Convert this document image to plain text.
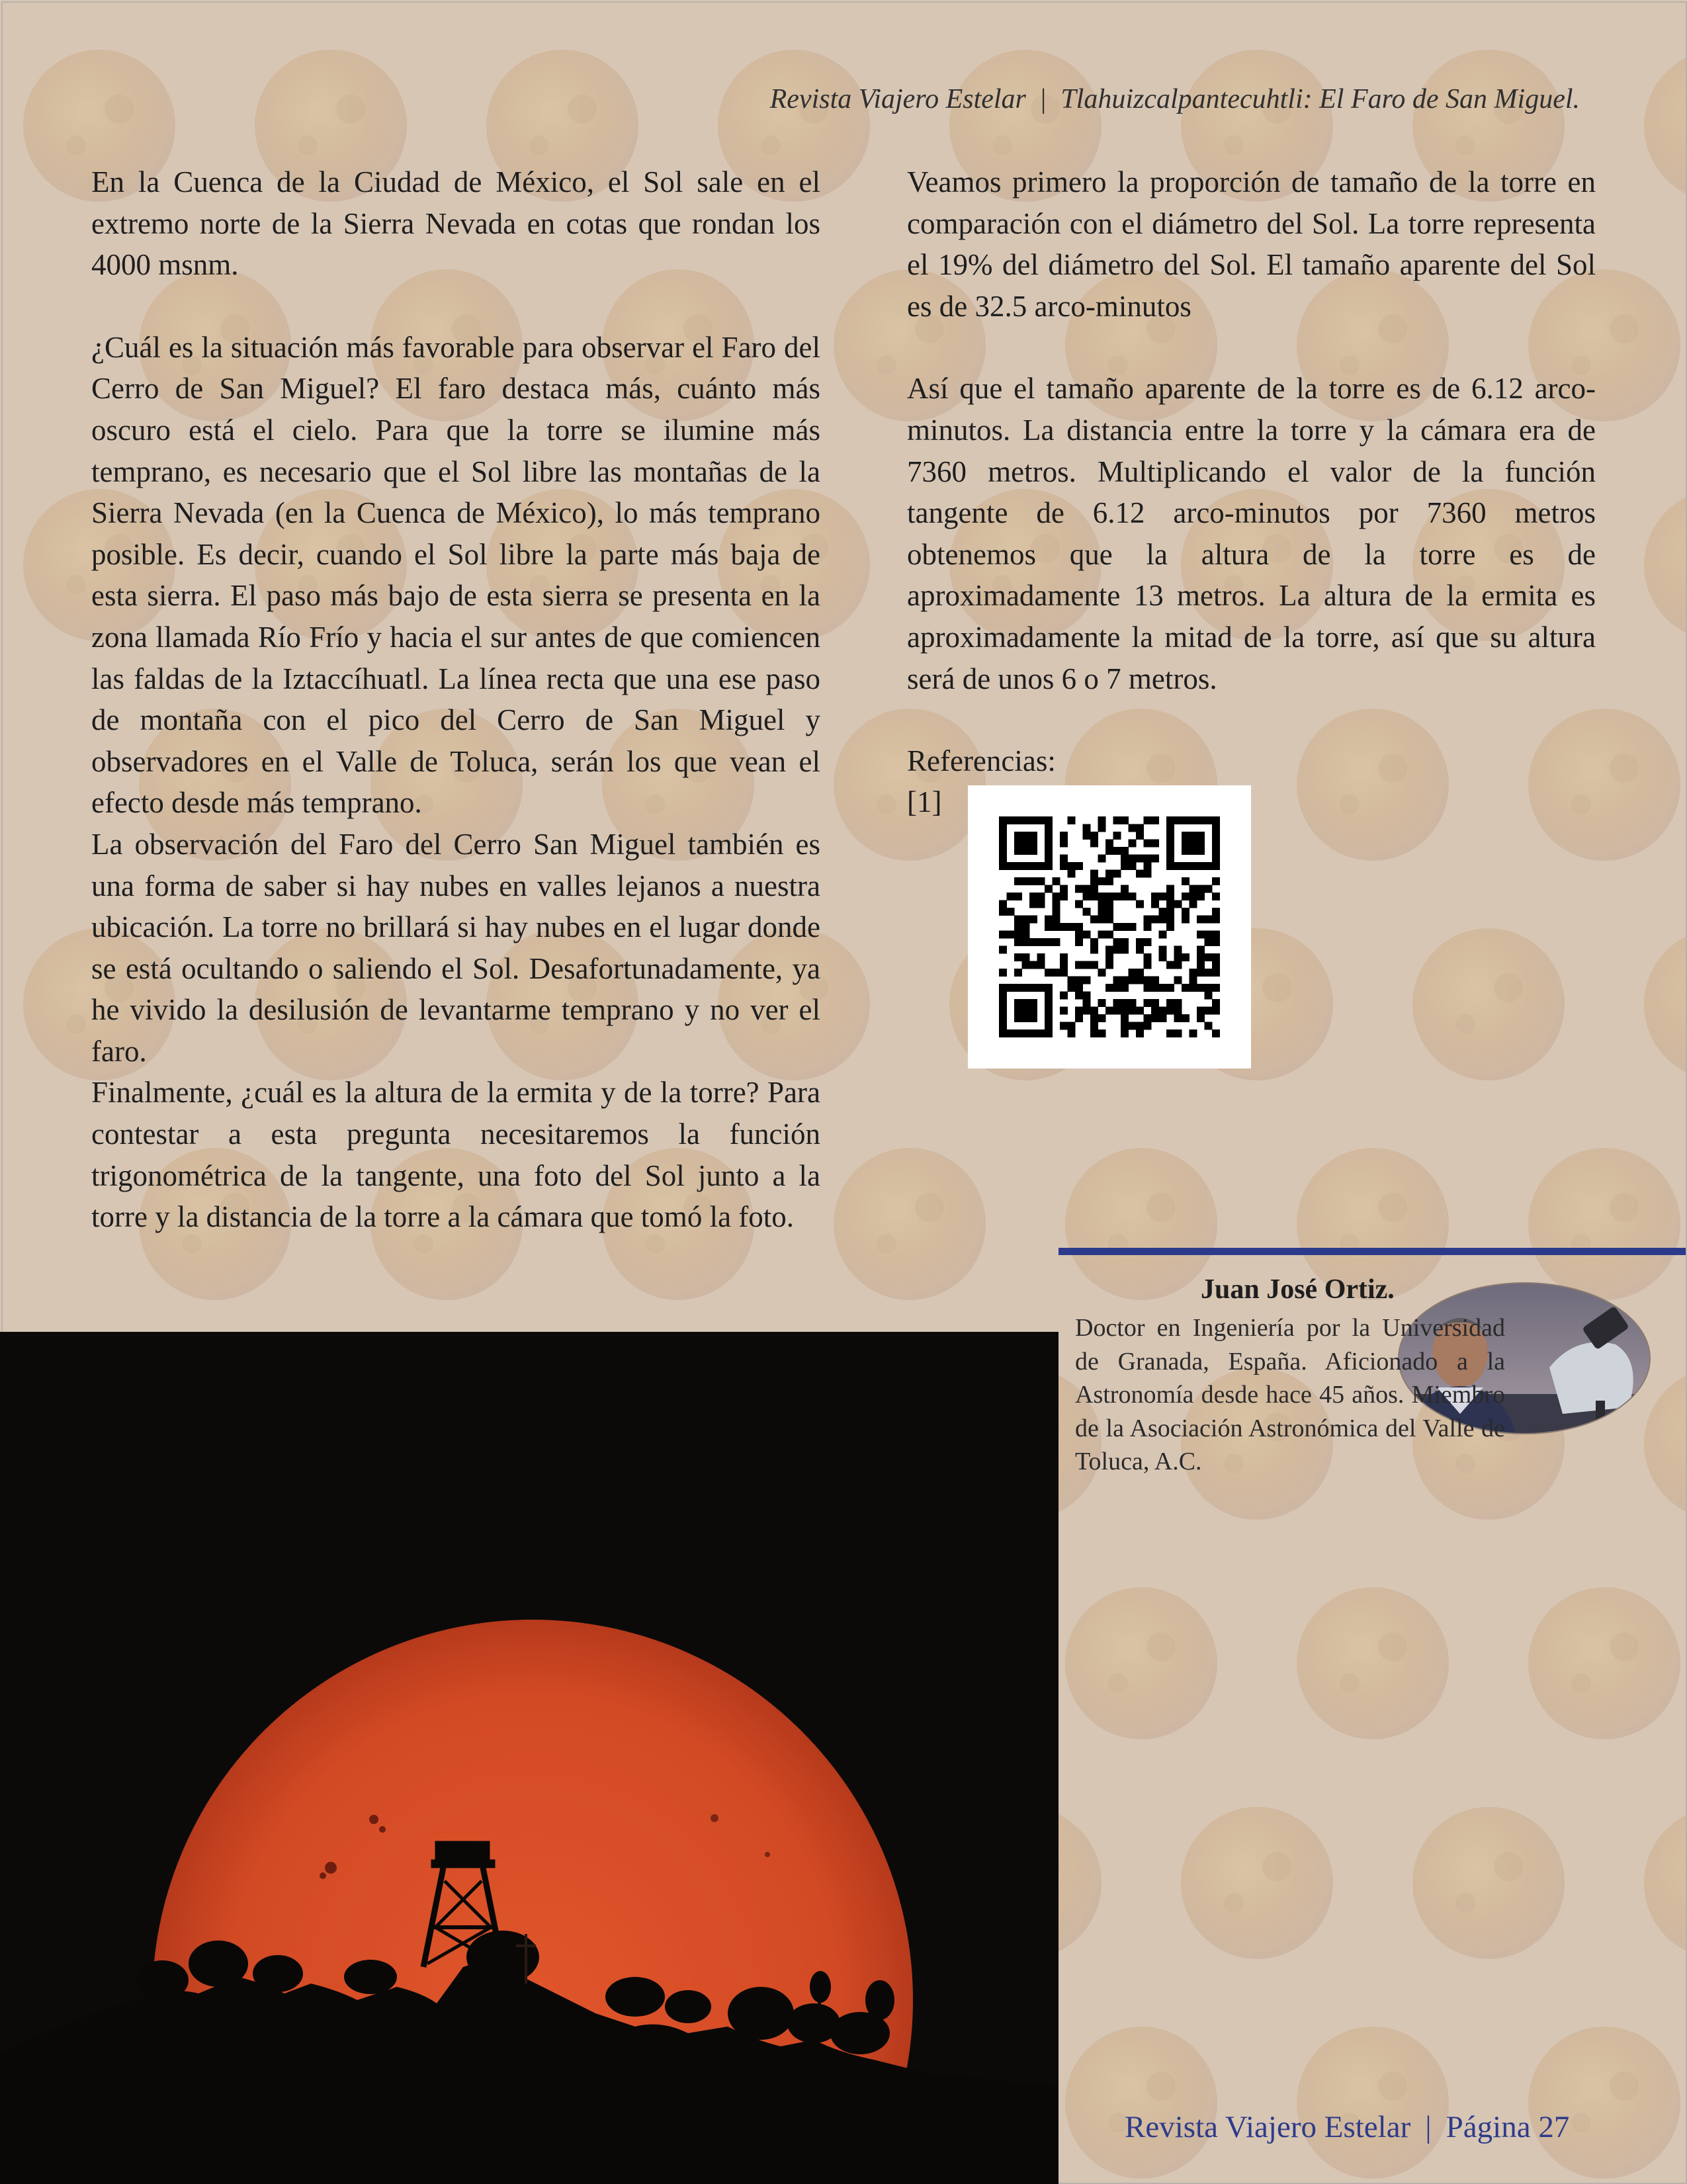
Revista Viajero Estelar | Tlahuizcalpantecuhtli: El Faro de San Miguel.

En la Cuenca de la Ciudad de México, el Sol sale en el extremo norte de la Sierra Nevada en cotas que rondan los 4000 msnm.

¿Cuál es la situación más favorable para observar el Faro del Cerro de San Miguel? El faro destaca más, cuánto más oscuro está el cielo. Para que la torre se ilumine más temprano, es necesario que el Sol libre las montañas de la Sierra Nevada (en la Cuenca de México), lo más temprano posible. Es decir, cuando el Sol libre la parte más baja de esta sierra. El paso más bajo de esta sierra se presenta en la zona llamada Río Frío y hacia el sur antes de que comiencen las faldas de la Iztaccíhuatl. La línea recta que una ese paso de montaña con el pico del Cerro de San Miguel y observadores en el Valle de Toluca, serán los que vean el efecto desde más temprano.

La observación del Faro del Cerro San Miguel también es una forma de saber si hay nubes en valles lejanos a nuestra ubicación. La torre no brillará si hay nubes en el lugar donde se está ocultando o saliendo el Sol. Desafortunadamente, ya he vivido la desilusión de levantarme temprano y no ver el faro.

Finalmente, ¿cuál es la altura de la ermita y de la torre? Para contestar a esta pregunta necesitaremos la función trigonométrica de la tangente, una foto del Sol junto a la torre y la distancia de la torre a la cámara que tomó la foto.

Veamos primero la proporción de tamaño de la torre en comparación con el diámetro del Sol. La torre representa el 19% del diámetro del Sol. El tamaño aparente del Sol es de 32.5 arco-minutos

Así que el tamaño aparente de la torre es de 6.12 arco-minutos. La distancia entre la torre y la cámara era de 7360 metros. Multiplicando el valor de la función tangente de 6.12 arco-minutos por 7360 metros obtenemos que la altura de la torre es de aproximadamente 13 metros. La altura de la ermita es aproximadamente la mitad de la torre, así que su altura será de unos 6 o 7 metros.

Referencias:
[1]
Juan José Ortiz.
Doctor en Ingeniería por la Universidad de Granada, España. Aficionado a la Astronomía desde hace 45 años. Miembro de la Asociación Astronómica del Valle de Toluca, A.C.
Revista Viajero Estelar | Página 27
